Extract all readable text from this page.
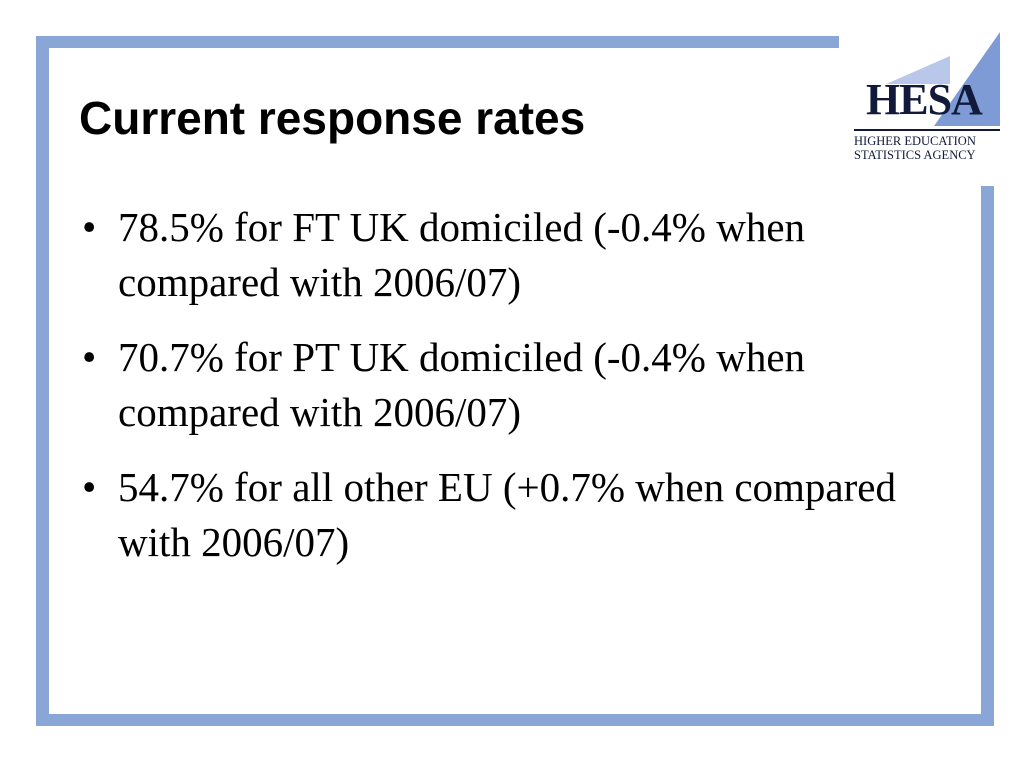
Current response rates
• 78.5% for FT UK domiciled (-0.4% when compared with 2006/07)
• 70.7% for PT UK domiciled (-0.4% when compared with 2006/07)
• 54.7% for all other EU (+0.7% when compared with 2006/07)
HESA
HIGHER EDUCATION
STATISTICS AGENCY
